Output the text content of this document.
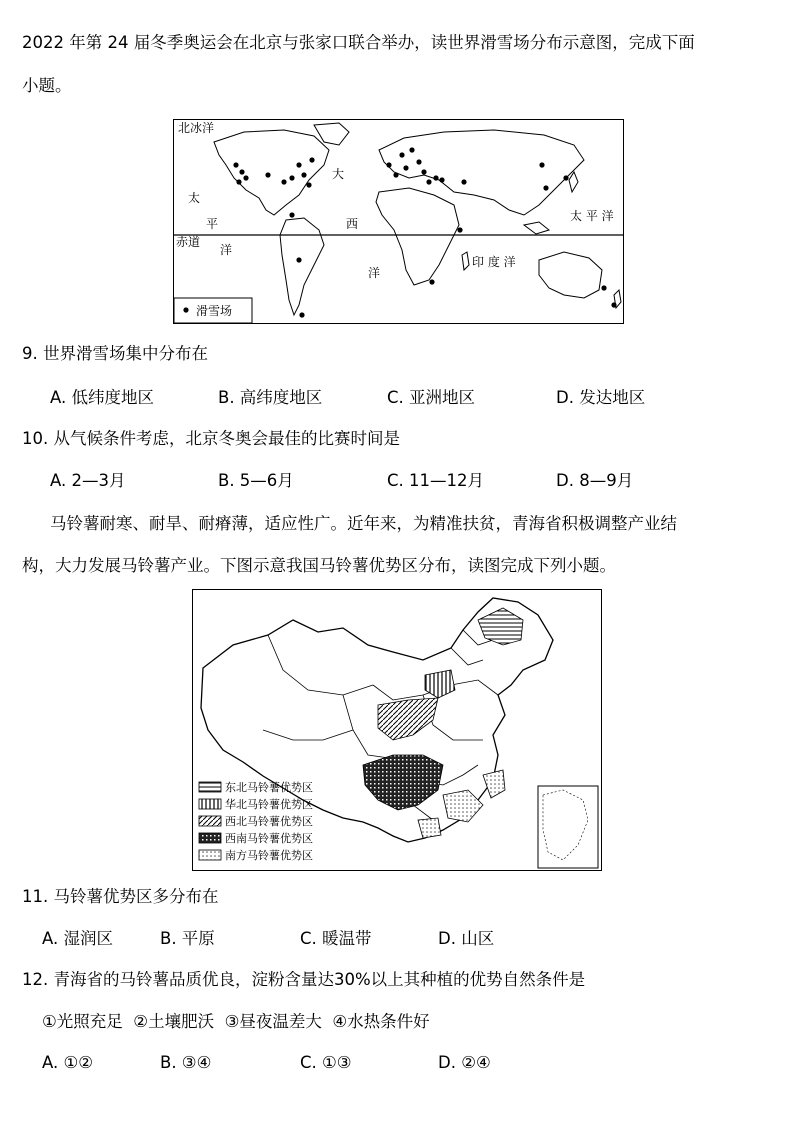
2022 年第 24 届冬季奥运会在北京与张家口联合举办，读世界滑雪场分布示意图，完成下面
小题。
北冰洋
太
平
洋
大
西
洋
赤道
太 平 洋
印 度 洋
滑雪场
9. 世界滑雪场集中分布在
A. 低纬度地区	B. 高纬度地区	C. 亚洲地区	D. 发达地区
10. 从气候条件考虑，北京冬奥会最佳的比赛时间是
A. 2—3月	B. 5—6月	C. 11—12月	D. 8—9月
马铃薯耐寒、耐旱、耐瘠薄，适应性广。近年来，为精准扶贫，青海省积极调整产业结
构，大力发展马铃薯产业。下图示意我国马铃薯优势区分布，读图完成下列小题。
东北马铃薯优势区
华北马铃薯优势区
西北马铃薯优势区
西南马铃薯优势区
南方马铃薯优势区
11. 马铃薯优势区多分布在
A. 湿润区	B. 平原	C. 暖温带	D. 山区
12. 青海省的马铃薯品质优良，淀粉含量达30%以上其种植的优势自然条件是
①光照充足  ②土壤肥沃  ③昼夜温差大  ④水热条件好
A. ①②	B. ③④	C. ①③	D. ②④
